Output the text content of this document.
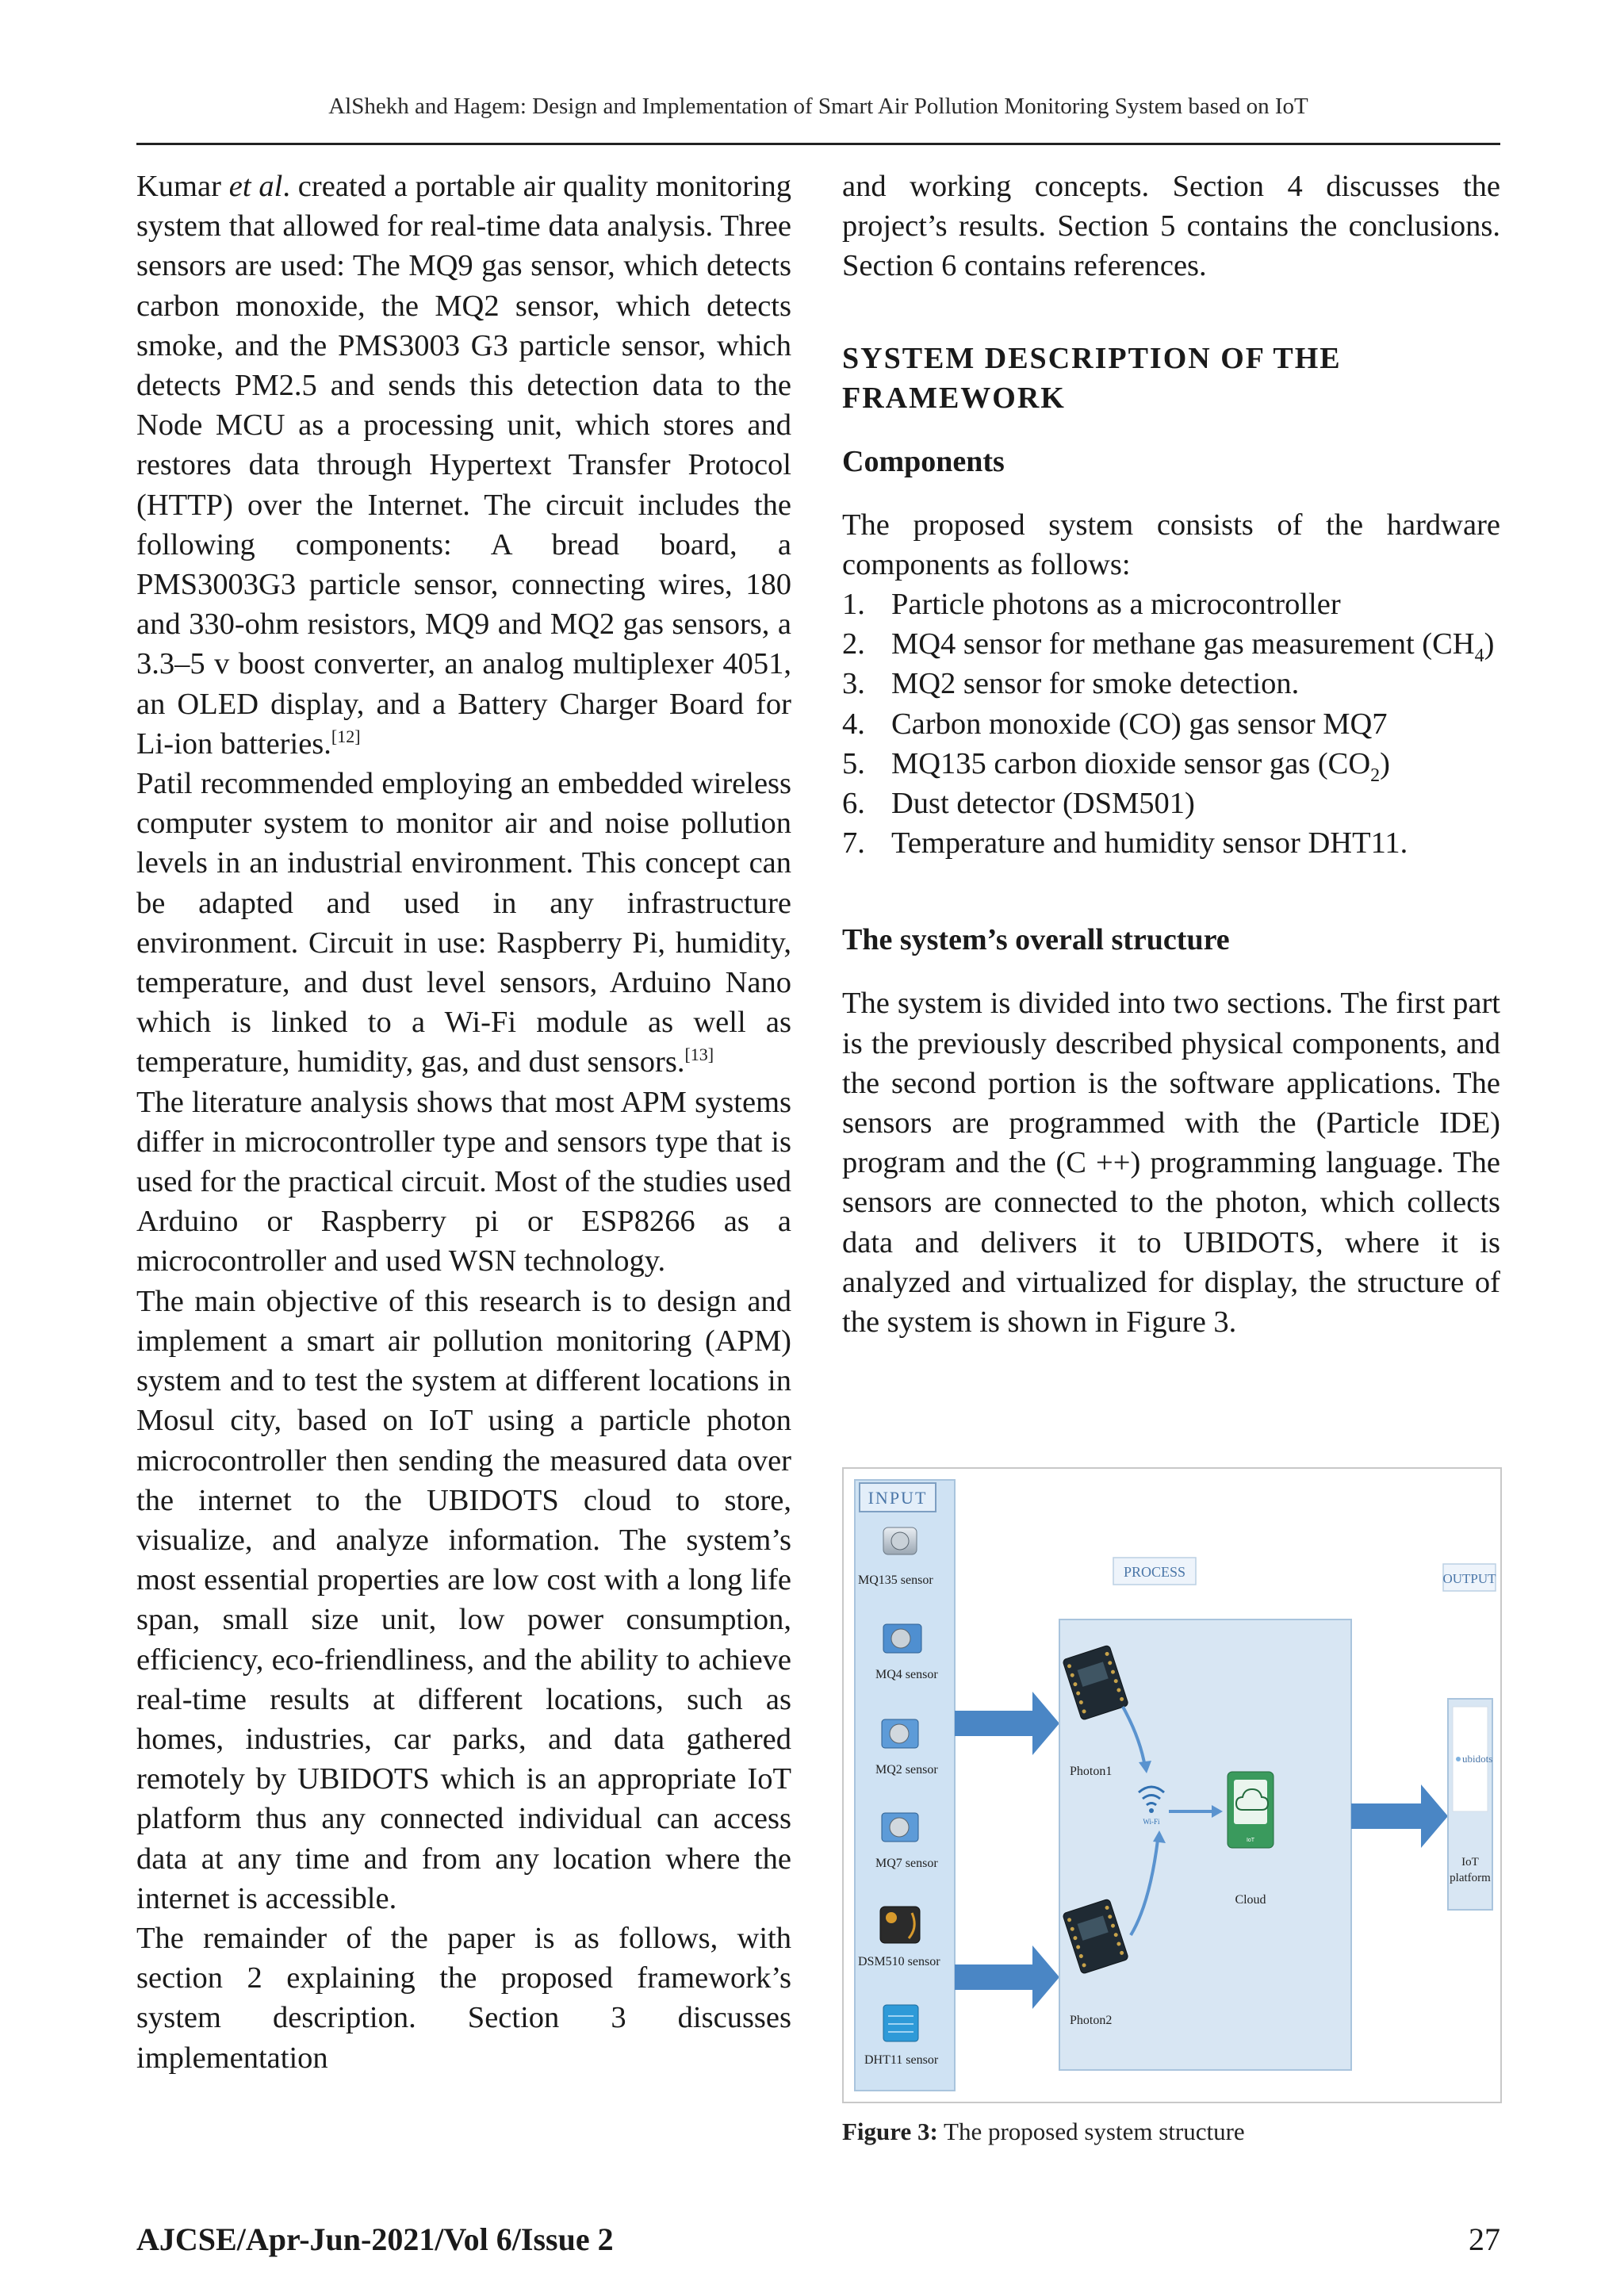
AlShekh and Hagem: Design and Implementation of Smart Air Pollution Monitoring System based on IoT

Kumar et al. created a portable air quality monitoring system that allowed for real-time data analysis. Three sensors are used: The MQ9 gas sensor, which detects carbon monoxide, the MQ2 sensor, which detects smoke, and the PMS3003 G3 particle sensor, which detects PM2.5 and sends this detection data to the Node MCU as a processing unit, which stores and restores data through Hypertext Transfer Protocol (HTTP) over the Internet. The circuit includes the following components: A bread board, a PMS3003G3 particle sensor, connecting wires, 180 and 330-ohm resistors, MQ9 and MQ2 gas sensors, a 3.3–5 v boost converter, an analog multiplexer 4051, an OLED display, and a Battery Charger Board for Li-ion batteries.[12]

Patil recommended employing an embedded wireless computer system to monitor air and noise pollution levels in an industrial environment. This concept can be adapted and used in any infrastructure environment. Circuit in use: Raspberry Pi, humidity, temperature, and dust level sensors, Arduino Nano which is linked to a Wi-Fi module as well as temperature, humidity, gas, and dust sensors.[13]

The literature analysis shows that most APM systems differ in microcontroller type and sensors type that is used for the practical circuit. Most of the studies used Arduino or Raspberry pi or ESP8266 as a microcontroller and used WSN technology.

The main objective of this research is to design and implement a smart air pollution monitoring (APM) system and to test the system at different locations in Mosul city, based on IoT using a particle photon microcontroller then sending the measured data over the internet to the UBIDOTS cloud to store, visualize, and analyze information. The system’s most essential properties are low cost with a long life span, small size unit, low power consumption, efficiency, eco-friendliness, and the ability to achieve real-time results at different locations, such as homes, industries, car parks, and data gathered remotely by UBIDOTS which is an appropriate IoT platform thus any connected individual can access data at any time and from any location where the internet is accessible.

The remainder of the paper is as follows, with section 2 explaining the proposed framework’s system description. Section 3 discusses implementation

and working concepts. Section 4 discusses the project’s results. Section 5 contains the conclusions. Section 6 contains references.

SYSTEM DESCRIPTION OF THE
FRAMEWORK
Components

The proposed system consists of the hardware components as follows:

1. Particle photons as a microcontroller
2. MQ4 sensor for methane gas measurement $(CH_4)$
3. MQ2 sensor for smoke detection.
4. Carbon monoxide (CO) gas sensor MQ7
5. MQ135 carbon dioxide sensor gas $(CO_2)$
6. Dust detector (DSM501)
7. Temperature and humidity sensor DHT11.
The system’s overall structure

The system is divided into two sections. The first part is the previously described physical components, and the second portion is the software applications. The sensors are programmed with the (Particle IDE) program and the (C ++) programming language. The sensors are connected to the photon, which collects data and delivers it to UBIDOTS, where it is analyzed and virtualized for display, the structure of the system is shown in Figure 3.

INPUT
MQ135 sensor
MQ4 sensor
MQ2 sensor
MQ7 sensor
DSM510 sensor
DHT11 sensor
PROCESS
Photon1
Photon2
Wi-Fi
IoT
Cloud
OUTPUT
ubidots
IoT
platform
Figure 3: The proposed system structure
AJCSE/Apr-Jun-2021/Vol 6/Issue 2	27
